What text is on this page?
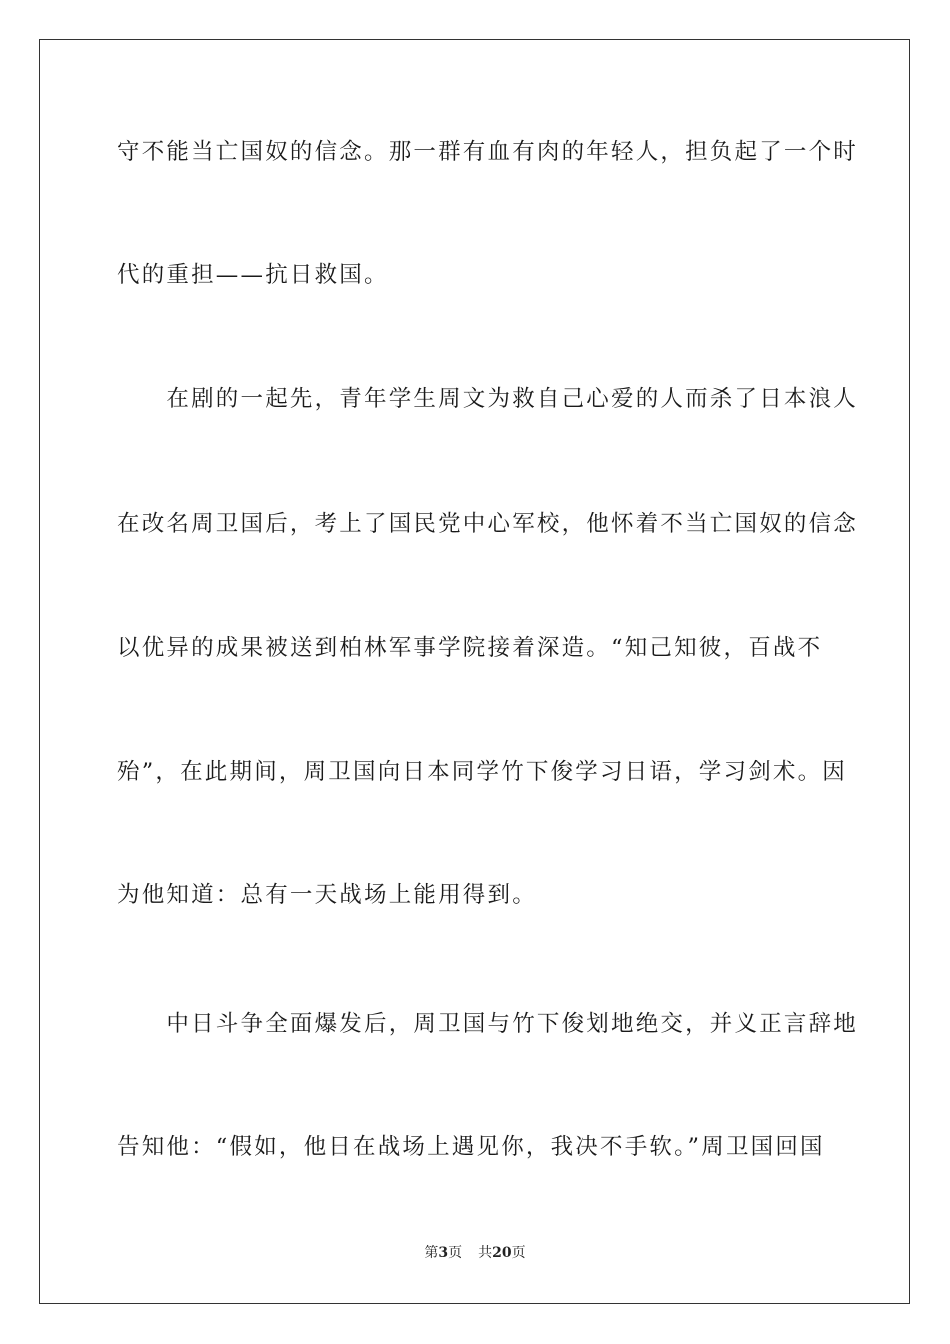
守不能当亡国奴的信念。那一群有血有肉的年轻人，担负起了一个时
代的重担——抗日救国。
　　在剧的一起先，青年学生周文为救自己心爱的人而杀了日本浪人
在改名周卫国后，考上了国民党中心军校，他怀着不当亡国奴的信念
以优异的成果被送到柏林军事学院接着深造。“知己知彼，百战不
殆”，在此期间，周卫国向日本同学竹下俊学习日语，学习剑术。因
为他知道：总有一天战场上能用得到。
　　中日斗争全面爆发后，周卫国与竹下俊划地绝交，并义正言辞地
告知他：“假如，他日在战场上遇见你，我决不手软。”周卫国回国
第3页 共20页
